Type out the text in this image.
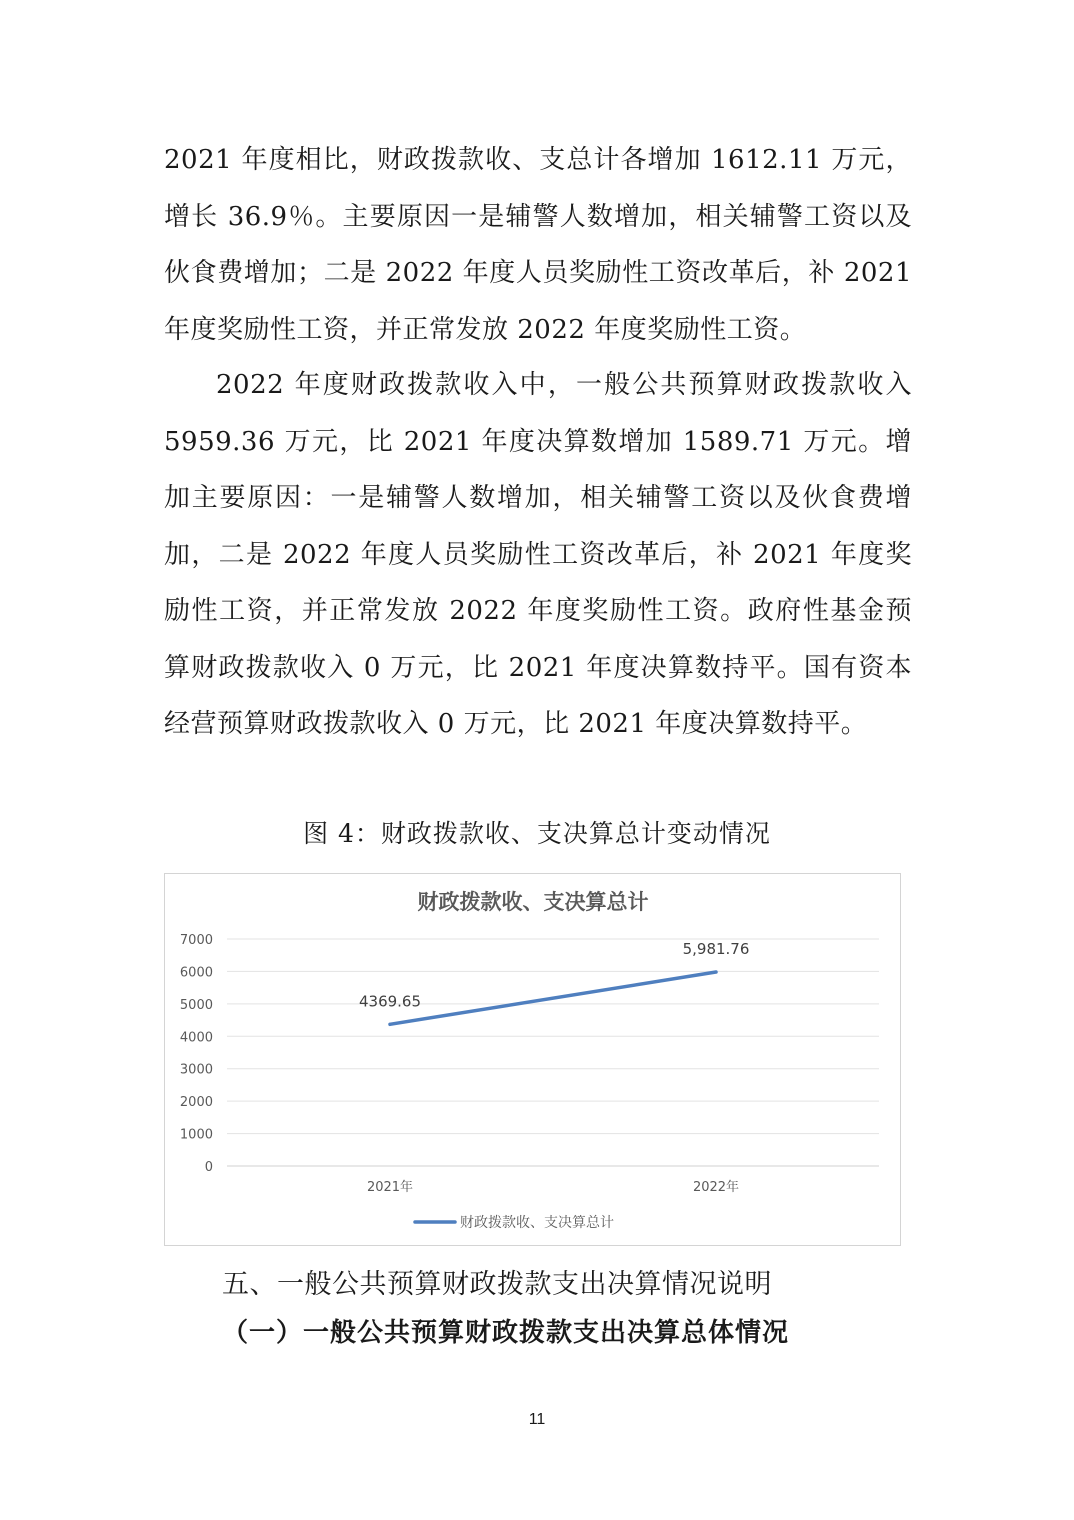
2021 年度相比，财政拨款收、支总计各增加 1612.11 万元，增长 36.9％。主要原因一是辅警人数增加，相关辅警工资以及伙食费增加；二是 2022 年度人员奖励性工资改革后，补 2021 年度奖励性工资，并正常发放 2022 年度奖励性工资。

2022 年度财政拨款收入中，一般公共预算财政拨款收入 5959.36 万元，比 2021 年度决算数增加 1589.71 万元。增加主要原因：一是辅警人数增加，相关辅警工资以及伙食费增加，二是 2022 年度人员奖励性工资改革后，补 2021 年度奖励性工资，并正常发放 2022 年度奖励性工资。政府性基金预算财政拨款收入 0 万元，比 2021 年度决算数持平。国有资本经营预算财政拨款收入 0 万元，比 2021 年度决算数持平。

图 4：财政拨款收、支决算总计变动情况
财政拨款收、支决算总计
0
1000
2000
3000
4000
5000
6000
7000
2021年	2022年
4369.65
5,981.76
财政拨款收、支决算总计
五、一般公共预算财政拨款支出决算情况说明
（一）一般公共预算财政拨款支出决算总体情况
11
